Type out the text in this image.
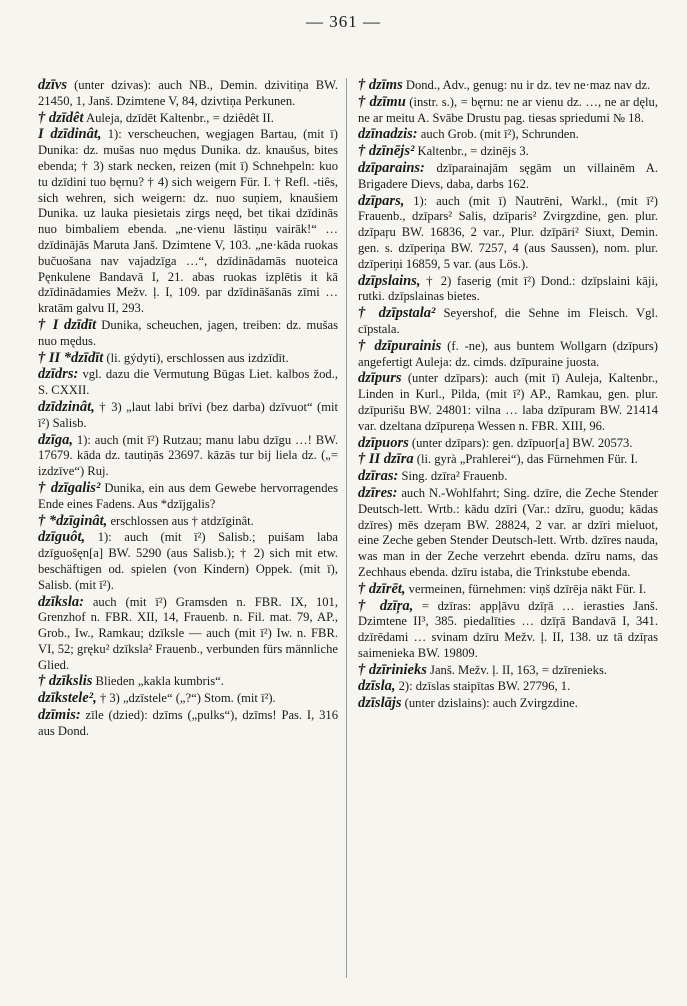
— 361 —
dzīvs (unter dzivas): auch NB., Demin. dzivitiņa BW. 21450, 1, Janš. Dzimtene V, 84, dzivtiņa Perkunen.
† dzīdêt Auleja, dzīdēt Kaltenbr., = dziêdêt II.
I dzīdinât, 1): verscheuchen, wegjagen Bartau, (mit ī) Dunika: dz. mušas nuo mędus Dunika. dz. knaušus, bites ebenda; † 3) stark necken, reizen (mit ī) Schnehpeln: kuo tu dzīdini tuo bęrnu? † 4) sich weigern Für. I. † Refl. -tiês, sich wehren, sich weigern: dz. nuo suņiem, knaušiem Dunika. uz lauka piesietais zirgs neęd, bet tikai dzīdinās nuo bimbaliem ebenda. „ne·vienu lāstiņu vairāk!“ … dzīdinājās Maruta Janš. Dzimtene V, 103. „ne·kāda ruokas bučuošana nav vajadzīga …“, dzīdinādamās nuoteica Pęnkulene Bandavā I, 21. abas ruokas izplētis it kā dzīdinādamies Mežv. ļ. I, 109. par dzīdināšanās zīmi … kratām galvu II, 293.
† I dzīdīt Dunika, scheuchen, jagen, treiben: dz. mušas nuo mędus.
† II *dzīdīt (li. gýdyti), erschlossen aus izdzīdīt.
dzīdrs: vgl. dazu die Vermutung Būgas Liet. kalbos žod., S. CXXII.
dzīdzinât, † 3) „laut labi brīvi (bez darba) dzīvuot“ (mit ī²) Salisb.
dzīga, 1): auch (mit ī²) Rutzau; manu labu dzīgu …! BW. 17679. kāda dz. tautiņās 23697. kāzās tur bij liela dz. („= izdzīve“) Ruj.
† dzīgalis² Dunika, ein aus dem Gewebe hervorragendes Ende eines Fadens. Aus *dzījgalis?
† *dzīginât, erschlossen aus † atdzīginât.
dzīguôt, 1): auch (mit ī²) Salisb.; puišam laba dzīguošęn[a] BW. 5290 (aus Salisb.); † 2) sich mit etw. beschäftigen od. spielen (von Kindern) Oppek. (mit ī), Salisb. (mit ī²).
dzīksla: auch (mit ī²) Gramsden n. FBR. IX, 101, Grenzhof n. FBR. XII, 14, Frauenb. n. Fil. mat. 79, AP., Grob., Iw., Ramkau; dzīksle — auch (mit ī²) Iw. n. FBR. VI, 52; gręku² dzīksla² Frauenb., verbunden fürs männliche Glied.
† dzīkslis Blieden „kakla kumbris“.
dzīkstele², † 3) „dzīstele“ („?“) Stom. (mit ī²).
dzīmis: zīle (dzied): dzīms („pulks“), dzīms! Pas. I, 316 aus Dond.
† dzīms Dond., Adv., genug: nu ir dz. tev ne·maz nav dz.
† dzīmu (instr. s.), = bęrnu: ne ar vienu dz. …, ne ar dęlu, ne ar meitu A. Svābe Drustu pag. tiesas spriedumi № 18.
dzīnadzis: auch Grob. (mit ī²), Schrunden.
† dzīnējs² Kaltenbr., = dzinējs 3.
dzīparains: dzīparainajām sęgām un villainēm A. Brigadere Dievs, daba, darbs 162.
dzīpars, 1): auch (mit ī) Nautrēni, Warkl., (mit ī²) Frauenb., dzīpars² Salis, dzīparis² Zvirgzdine, gen. plur. dzīpaŗu BW. 16836, 2 var., Plur. dzīpāri² Siuxt, Demin. gen. s. dzīperiņa BW. 7257, 4 (aus Saussen), nom. plur. dzīperiņi 16859, 5 var. (aus Lös.).
dzīpslains, † 2) faserig (mit ī²) Dond.: dzīpslaini kāji, rutki. dzīpslainas bietes.
† dzīpstala² Seyershof, die Sehne im Fleisch. Vgl. cīpstala.
† dzīpurainis (f. -ne), aus buntem Wollgarn (dzīpurs) angefertigt Auleja: dz. cimds. dzīpuraine juosta.
dzīpurs (unter dzīpars): auch (mit ī) Auleja, Kaltenbr., Linden in Kurl., Pilda, (mit ī²) AP., Ramkau, gen. plur. dzīpurišu BW. 24801: vilna … laba dzīpuram BW. 21414 var. dzeltana dzīpureņa Wessen n. FBR. XIII, 96.
dzīpuors (unter dzīpars): gen. dzīpuor[a] BW. 20573.
† II dzīra (li. gyrà „Prahlerei“), das Fürnehmen Für. I.
dzīras: Sing. dzīra² Frauenb.
dzīres: auch N.-Wohlfahrt; Sing. dzīre, die Zeche Stender Deutsch-lett. Wrtb.: kādu dzīri (Var.: dzīru, guodu; kādas dzīres) mēs dzeŗam BW. 28824, 2 var. ar dzīri mieluot, eine Zeche geben Stender Deutsch-lett. Wrtb. dzīres nauda, was man in der Zeche verzehrt ebenda. dzīru nams, das Zechhaus ebenda. dzīru istaba, die Trinkstube ebenda.
† dzīrēt, vermeinen, fürnehmen: viņš dzīrēja nākt Für. I.
† dzīŗa, = dzīras: appļāvu dzīŗā … ierasties Janš. Dzimtene II³, 385. piedalīties … dzīŗā Bandavā I, 341. dzīrēdami … svinam dzīru Mežv. ļ. II, 138. uz tā dzīŗas saimenieka BW. 19809.
† dzīrinieks Janš. Mežv. ļ. II, 163, = dzīrenieks.
dzīsla, 2): dzīslas staipītas BW. 27796, 1.
dzīslājs (unter dzislains): auch Zvirgzdine.
